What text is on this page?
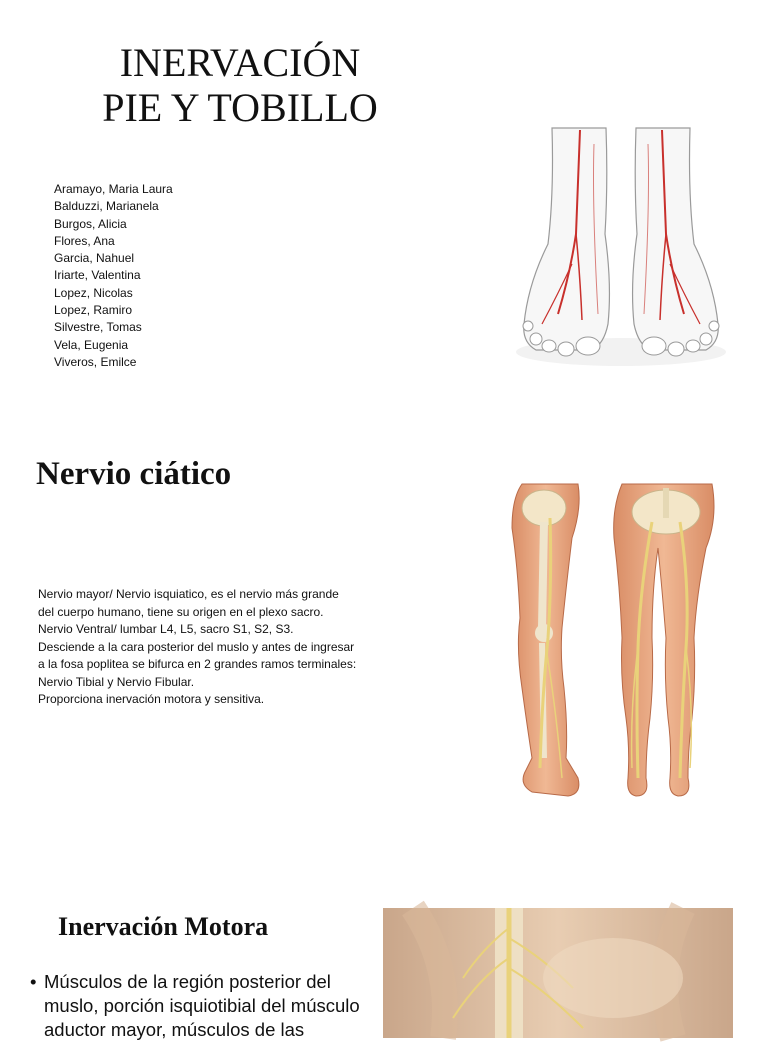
INERVACIÓN
PIE Y TOBILLO
Aramayo, Maria Laura
Balduzzi, Marianela
Burgos, Alicia
Flores, Ana
Garcia, Nahuel
Iriarte, Valentina
Lopez, Nicolas
Lopez, Ramiro
Silvestre, Tomas
Vela, Eugenia
Viveros, Emilce
Nervio ciático
Nervio mayor/ Nervio isquiatico, es el nervio más grande
del cuerpo humano, tiene su origen en el plexo sacro.
Nervio Ventral/ lumbar L4, L5, sacro S1, S2, S3.
Desciende a la cara posterior del muslo y antes de ingresar
a la fosa poplitea se bifurca en 2 grandes ramos terminales:
Nervio Tibial y Nervio Fibular.
Proporciona inervación motora y sensitiva.
Inervación Motora
• Músculos de la región posterior del muslo, porción isquiotibial del músculo aductor mayor, músculos de las
